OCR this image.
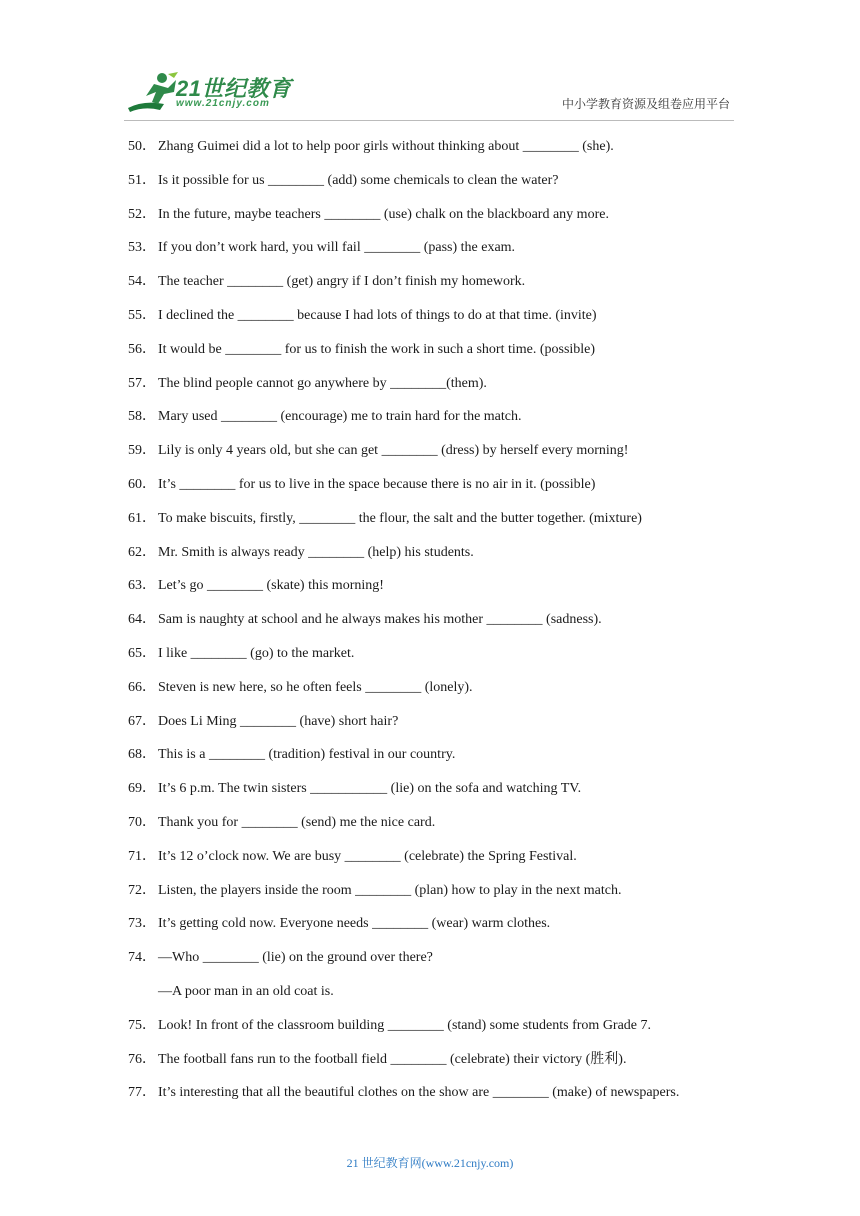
21世纪教育
www.21cnjy.com	中小学教育资源及组卷应用平台
50． Zhang Guimei did a lot to help poor girls without thinking about ________ (she).
51． Is it possible for us ________ (add) some chemicals to clean the water?
52． In the future, maybe teachers ________ (use) chalk on the blackboard any more.
53． If you don’t work hard, you will fail ________ (pass) the exam.
54． The teacher ________ (get) angry if I don’t finish my homework.
55． I declined the ________ because I had lots of things to do at that time. (invite)
56． It would be ________ for us to finish the work in such a short time. (possible)
57． The blind people cannot go anywhere by ________(them).
58． Mary used ________ (encourage) me to train hard for the match.
59． Lily is only 4 years old, but she can get ________ (dress) by herself every morning!
60． It’s ________ for us to live in the space because there is no air in it. (possible)
61． To make biscuits, firstly, ________ the flour, the salt and the butter together. (mixture)
62． Mr. Smith is always ready ________ (help) his students.
63． Let’s go ________ (skate) this morning!
64． Sam is naughty at school and he always makes his mother ________ (sadness).
65． I like ________ (go) to the market.
66． Steven is new here, so he often feels ________ (lonely).
67． Does Li Ming ________ (have) short hair?
68． This is a ________ (tradition) festival in our country.
69． It’s 6 p.m. The twin sisters ___________ (lie) on the sofa and watching TV.
70． Thank you for ________ (send) me the nice card.
71． It’s 12 o’clock now. We are busy ________ (celebrate) the Spring Festival.
72． Listen, the players inside the room ________ (plan) how to play in the next match.
73． It’s getting cold now. Everyone needs ________ (wear) warm clothes.
74． —Who ________ (lie) on the ground over there?
—A poor man in an old coat is.
75． Look! In front of the classroom building ________ (stand) some students from Grade 7.
76． The football fans run to the football field ________ (celebrate) their victory (胜利).
77． It’s interesting that all the beautiful clothes on the show are ________ (make) of newspapers.
21 世纪教育网(www.21cnjy.com)
